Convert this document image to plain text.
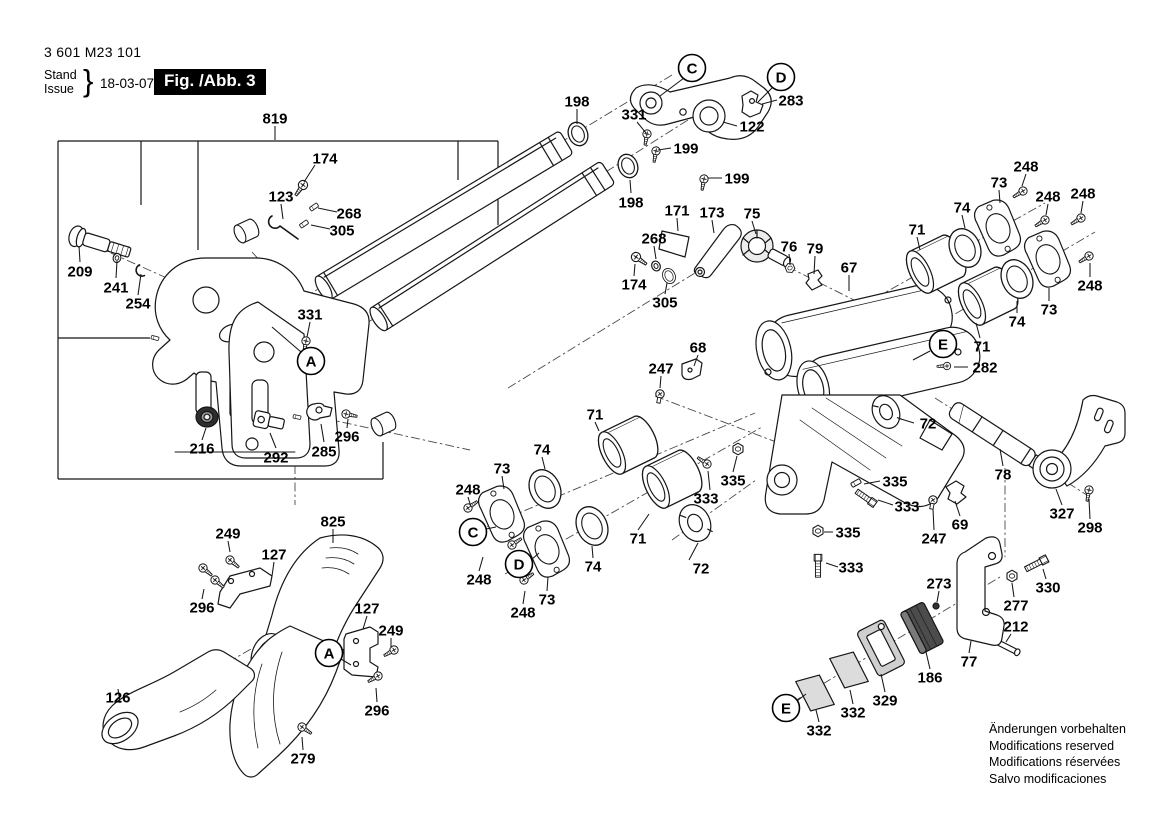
3 601 M23 101
Stand
Issue } 18-03-07 Fig. /Abb. 3
Änderungen vorbehalten
Modifications reserved
Modifications réservées
Salvo modificaciones
819
174
123
268
305
209
241
254
331
216
292 285
296
198
331
283
122
199
199
198 171 173 75
268	76 79
67
174
305
68
247
248
73
248 248
74
71
248
73
74
71
282
72
78
327
298
71
74
73
248
248
248
73
74
71
72
333
335	335
333
335
333
247
69
273	330
277
212
77
186
329
332
332
825
249
127
296	127
249
296
126
279
A
C
D
C
D
A
E
E
